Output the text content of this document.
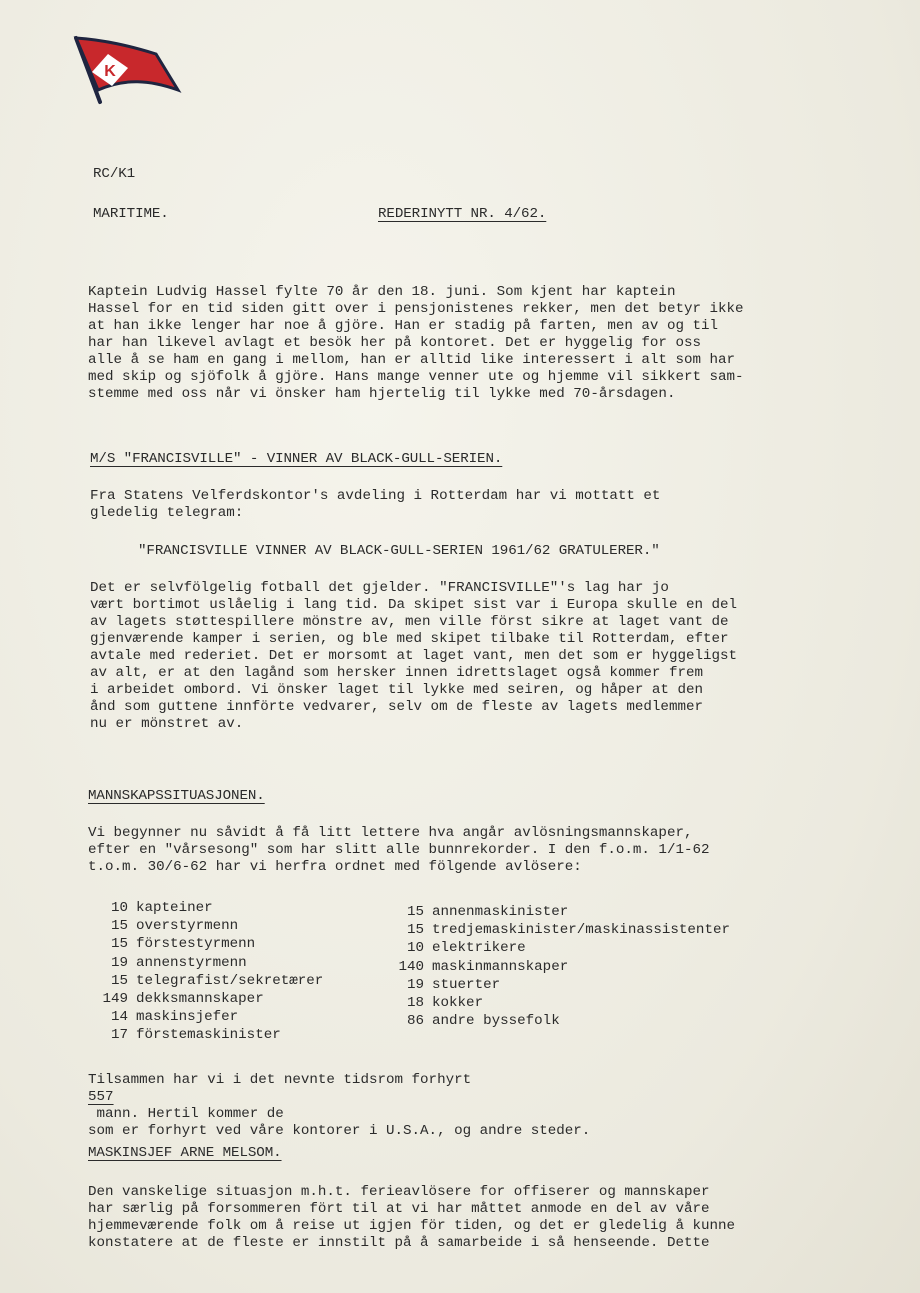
K
RC/K1
MARITIME.	REDERINYTT NR. 4/62.
Kaptein Ludvig Hassel fylte 70 år den 18. juni. Som kjent har kaptein
Hassel for en tid siden gitt over i pensjonistenes rekker, men det betyr ikke
at han ikke lenger har noe å gjöre. Han er stadig på farten, men av og til
har han likevel avlagt et besök her på kontoret. Det er hyggelig for oss
alle å se ham en gang i mellom, han er alltid like interessert i alt som har
med skip og sjöfolk å gjöre. Hans mange venner ute og hjemme vil sikkert sam-
stemme med oss når vi önsker ham hjertelig til lykke med 70-årsdagen.
M/S "FRANCISVILLE" - VINNER AV BLACK-GULL-SERIEN.
Fra Statens Velferdskontor's avdeling i Rotterdam har vi mottatt et
gledelig telegram:
"FRANCISVILLE VINNER AV BLACK-GULL-SERIEN 1961/62 GRATULERER."
Det er selvfölgelig fotball det gjelder. "FRANCISVILLE"'s lag har jo
vært bortimot uslåelig i lang tid. Da skipet sist var i Europa skulle en del
av lagets støttespillere mönstre av, men ville först sikre at laget vant de
gjenværende kamper i serien, og ble med skipet tilbake til Rotterdam, efter
avtale med rederiet. Det er morsomt at laget vant, men det som er hyggeligst
av alt, er at den lagånd som hersker innen idrettslaget også kommer frem
i arbeidet ombord. Vi önsker laget til lykke med seiren, og håper at den
ånd som guttene innförte vedvarer, selv om de fleste av lagets medlemmer
nu er mönstret av.
MANNSKAPSSITUASJONEN.
Vi begynner nu såvidt å få litt lettere hva angår avlösningsmannskaper,
efter en "vårsesong" som har slitt alle bunnrekorder. I den f.o.m. 1/1-62
t.o.m. 30/6-62 har vi herfra ordnet med fölgende avlösere:
10 kapteiner
15 overstyrmenn
15 förstestyrmenn
19 annenstyrmenn
15 telegrafist/sekretærer
149 dekksmannskaper
14 maskinsjefer
17 förstemaskinister
15 annenmaskinister
15 tredjemaskinister/maskinassistenter
10 elektrikere
140 maskinmannskaper
19 stuerter
18 kokker
86 andre byssefolk
Tilsammen har vi i det nevnte tidsrom forhyrt
557
mann. Hertil kommer de
som er forhyrt ved våre kontorer i U.S.A., og andre steder.
MASKINSJEF ARNE MELSOM.
Den vanskelige situasjon m.h.t. ferieavlösere for offiserer og mannskaper
har særlig på forsommeren fört til at vi har måttet anmode en del av våre
hjemmeværende folk om å reise ut igjen för tiden, og det er gledelig å kunne
konstatere at de fleste er innstilt på å samarbeide i så henseende. Dette
